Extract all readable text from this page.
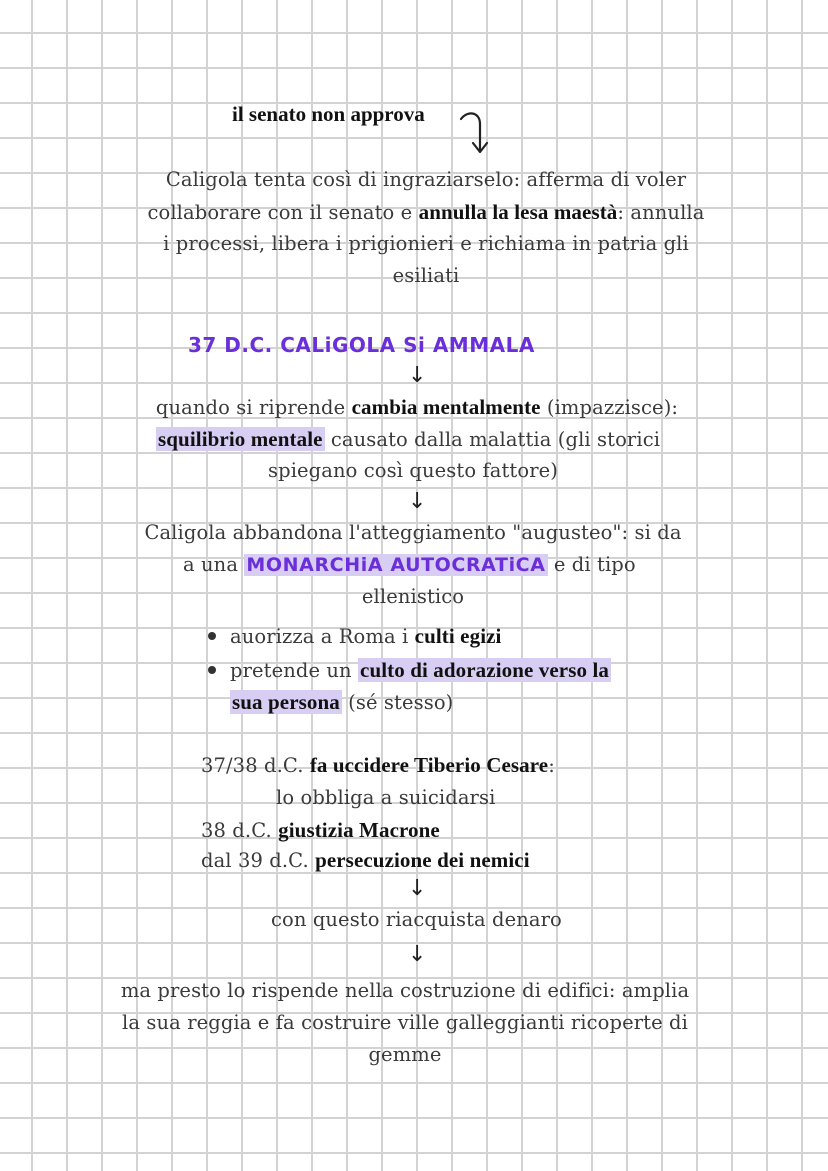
il senato non approva
Caligola tenta così di ingraziarselo: afferma di voler
collaborare con il senato e annulla la lesa maestà: annulla
i processi, libera i prigionieri e richiama in patria gli
esiliati
37 D.C. CALiGOLA Si AMMALA
↓
quando si riprende cambia mentalmente (impazzisce):
squilibrio mentale causato dalla malattia (gli storici
spiegano così questo fattore)
↓
Caligola abbandona l'atteggiamento "augusteo": si da
a una MONARCHiA AUTOCRATiCA e di tipo
ellenistico
auorizza a Roma i culti egizi
pretende un culto di adorazione verso la
sua persona (sé stesso)
37/38 d.C. fa uccidere Tiberio Cesare:
lo obbliga a suicidarsi
38 d.C. giustizia Macrone
dal 39 d.C. persecuzione dei nemici
↓
con questo riacquista denaro
↓
ma presto lo rispende nella costruzione di edifici: amplia
la sua reggia e fa costruire ville galleggianti ricoperte di
gemme
